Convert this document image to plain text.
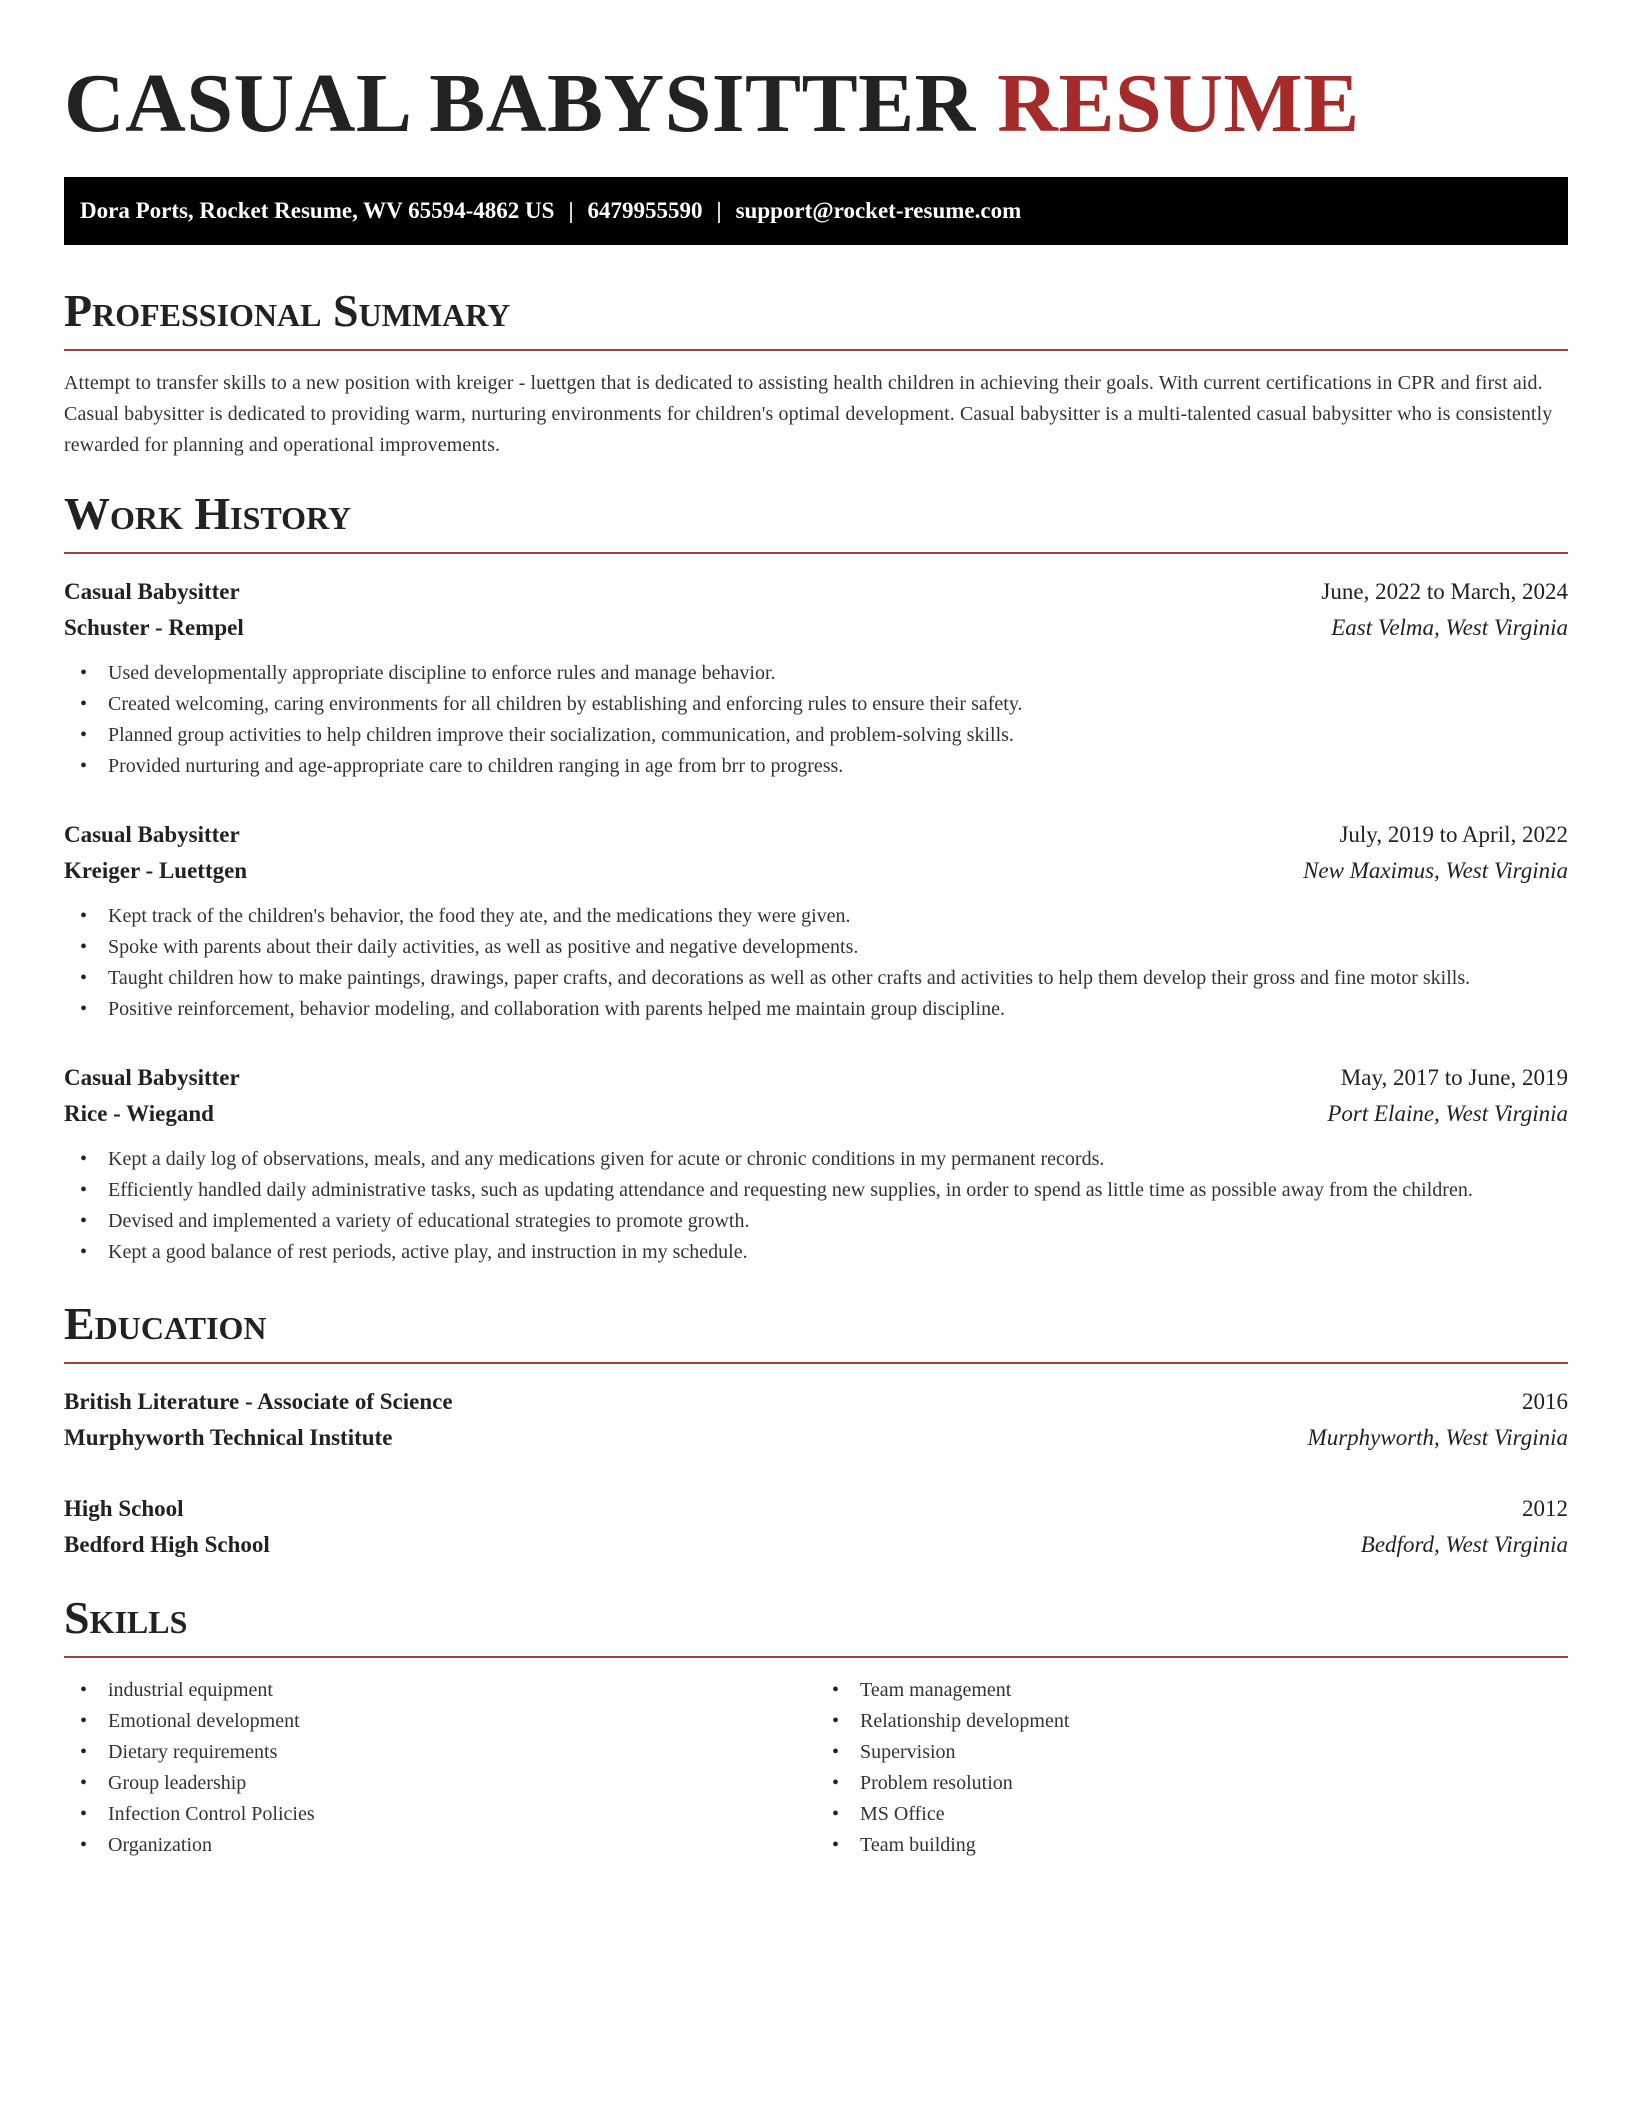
CASUAL BABYSITTER RESUME
Dora Ports, Rocket Resume, WV 65594-4862 US | 6479955590 | support@rocket-resume.com
Professional Summary

Attempt to transfer skills to a new position with kreiger - luettgen that is dedicated to assisting health children in achieving their goals. With current certifications in CPR and first aid. Casual babysitter is dedicated to providing warm, nurturing environments for children's optimal development. Casual babysitter is a multi-talented casual babysitter who is consistently rewarded for planning and operational improvements.

Work History
Casual Babysitter	June, 2022 to March, 2024
Schuster - Rempel	East Velma, West Virginia
• Used developmentally appropriate discipline to enforce rules and manage behavior.
• Created welcoming, caring environments for all children by establishing and enforcing rules to ensure their safety.
• Planned group activities to help children improve their socialization, communication, and problem-solving skills.
• Provided nurturing and age-appropriate care to children ranging in age from brr to progress.
Casual Babysitter	July, 2019 to April, 2022
Kreiger - Luettgen	New Maximus, West Virginia
• Kept track of the children's behavior, the food they ate, and the medications they were given.
• Spoke with parents about their daily activities, as well as positive and negative developments.
• Taught children how to make paintings, drawings, paper crafts, and decorations as well as other crafts and activities to help them develop their gross and fine motor skills.
• Positive reinforcement, behavior modeling, and collaboration with parents helped me maintain group discipline.
Casual Babysitter	May, 2017 to June, 2019
Rice - Wiegand	Port Elaine, West Virginia
• Kept a daily log of observations, meals, and any medications given for acute or chronic conditions in my permanent records.
• Efficiently handled daily administrative tasks, such as updating attendance and requesting new supplies, in order to spend as little time as possible away from the children.
• Devised and implemented a variety of educational strategies to promote growth.
• Kept a good balance of rest periods, active play, and instruction in my schedule.
Education
British Literature - Associate of Science	2016
Murphyworth Technical Institute	Murphyworth, West Virginia
High School	2012
Bedford High School	Bedford, West Virginia
Skills
• industrial equipment
• Emotional development
• Dietary requirements
• Group leadership
• Infection Control Policies
• Organization
• Team management
• Relationship development
• Supervision
• Problem resolution
• MS Office
• Team building
